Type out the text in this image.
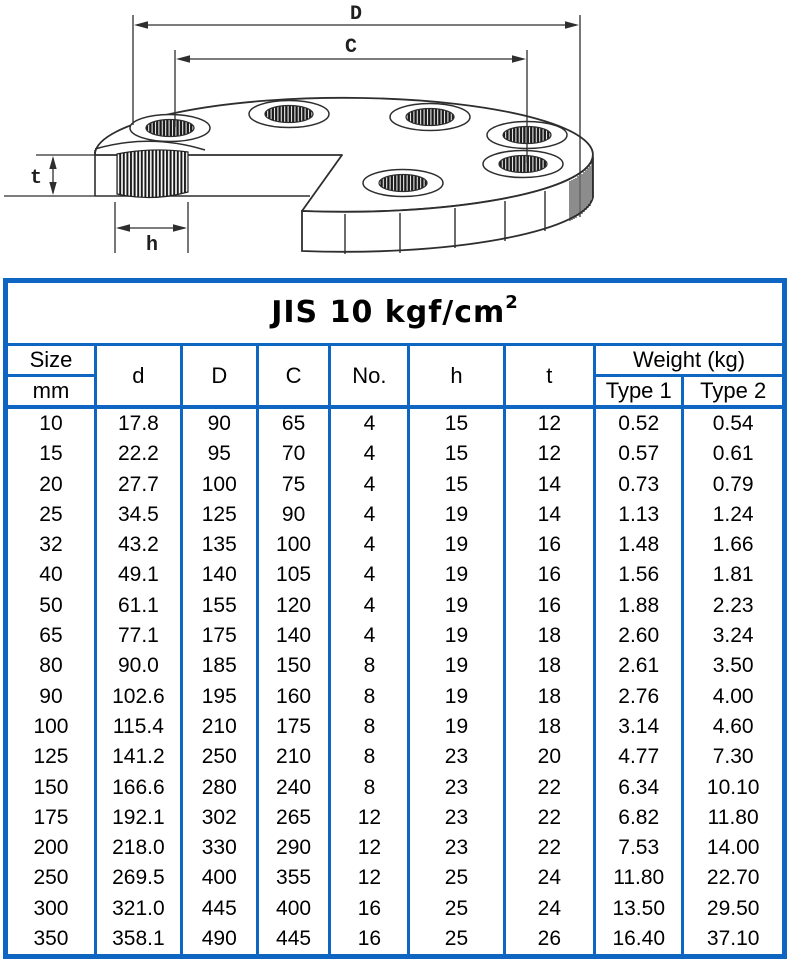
D
C
t
h
JIS 10 kgf/$cm^2$
Size	d	D	C	No.	h	t	Weight (kg)	
mm							Type 1	Type 2
10	17.8	90	65	4	15	12	0.52	0.54
15	22.2	95	70	4	15	12	0.57	0.61
20	27.7	100	75	4	15	14	0.73	0.79
25	34.5	125	90	4	19	14	1.13	1.24
32	43.2	135	100	4	19	16	1.48	1.66
40	49.1	140	105	4	19	16	1.56	1.81
50	61.1	155	120	4	19	16	1.88	2.23
65	77.1	175	140	4	19	18	2.60	3.24
80	90.0	185	150	8	19	18	2.61	3.50
90	102.6	195	160	8	19	18	2.76	4.00
100	115.4	210	175	8	19	18	3.14	4.60
125	141.2	250	210	8	23	20	4.77	7.30
150	166.6	280	240	8	23	22	6.34	10.10
175	192.1	302	265	12	23	22	6.82	11.80
200	218.0	330	290	12	23	22	7.53	14.00
250	269.5	400	355	12	25	24	11.80	22.70
300	321.0	445	400	16	25	24	13.50	29.50
350	358.1	490	445	16	25	26	16.40	37.10
